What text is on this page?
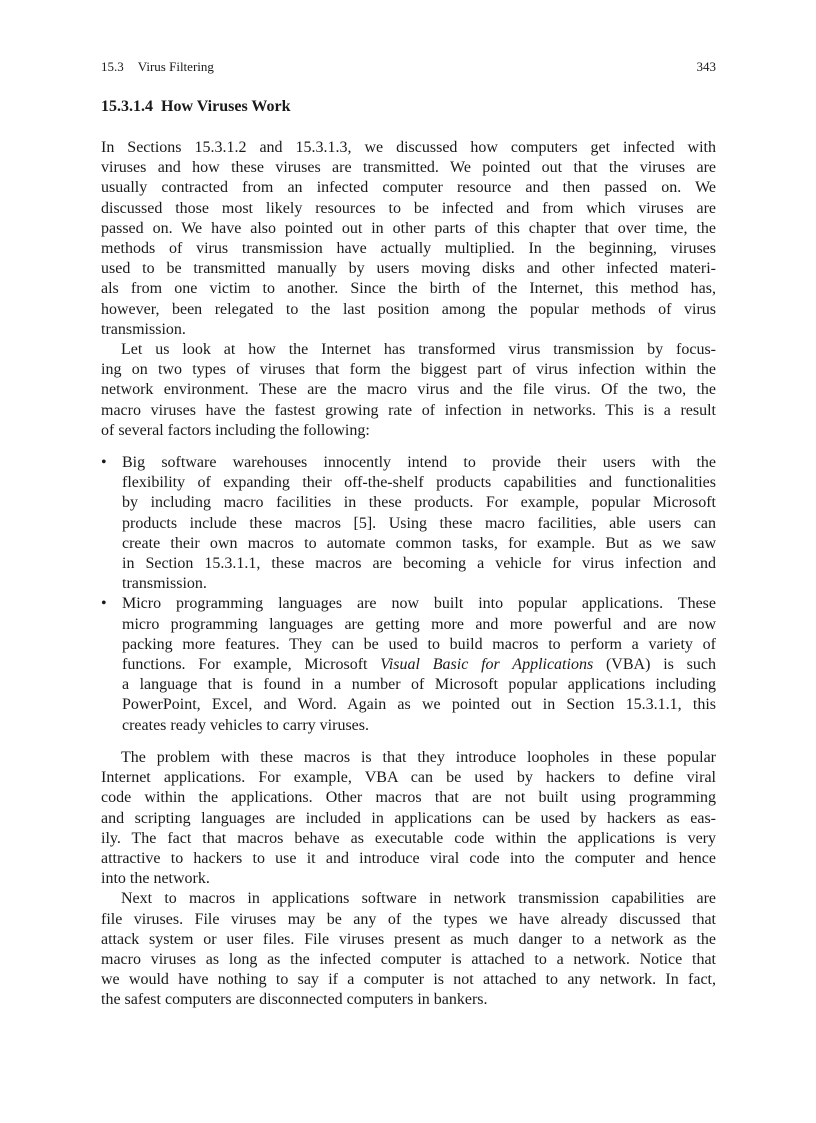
15.3 Virus Filtering	343
15.3.1.4 How Viruses Work
In Sections 15.3.1.2 and 15.3.1.3, we discussed how computers get infected with
viruses and how these viruses are transmitted. We pointed out that the viruses are
usually contracted from an infected computer resource and then passed on. We
discussed those most likely resources to be infected and from which viruses are
passed on. We have also pointed out in other parts of this chapter that over time, the
methods of virus transmission have actually multiplied. In the beginning, viruses
used to be transmitted manually by users moving disks and other infected materi-
als from one victim to another. Since the birth of the Internet, this method has,
however, been relegated to the last position among the popular methods of virus
transmission.
Let us look at how the Internet has transformed virus transmission by focus-
ing on two types of viruses that form the biggest part of virus infection within the
network environment. These are the macro virus and the file virus. Of the two, the
macro viruses have the fastest growing rate of infection in networks. This is a result
of several factors including the following:
• Big software warehouses innocently intend to provide their users with the
flexibility of expanding their off-the-shelf products capabilities and functionalities
by including macro facilities in these products. For example, popular Microsoft
products include these macros [5]. Using these macro facilities, able users can
create their own macros to automate common tasks, for example. But as we saw
in Section 15.3.1.1, these macros are becoming a vehicle for virus infection and
transmission.
• Micro programming languages are now built into popular applications. These
micro programming languages are getting more and more powerful and are now
packing more features. They can be used to build macros to perform a variety of
functions. For example, Microsoft Visual Basic for Applications (VBA) is such
a language that is found in a number of Microsoft popular applications including
PowerPoint, Excel, and Word. Again as we pointed out in Section 15.3.1.1, this
creates ready vehicles to carry viruses.
The problem with these macros is that they introduce loopholes in these popular
Internet applications. For example, VBA can be used by hackers to define viral
code within the applications. Other macros that are not built using programming
and scripting languages are included in applications can be used by hackers as eas-
ily. The fact that macros behave as executable code within the applications is very
attractive to hackers to use it and introduce viral code into the computer and hence
into the network.
Next to macros in applications software in network transmission capabilities are
file viruses. File viruses may be any of the types we have already discussed that
attack system or user files. File viruses present as much danger to a network as the
macro viruses as long as the infected computer is attached to a network. Notice that
we would have nothing to say if a computer is not attached to any network. In fact,
the safest computers are disconnected computers in bankers.
